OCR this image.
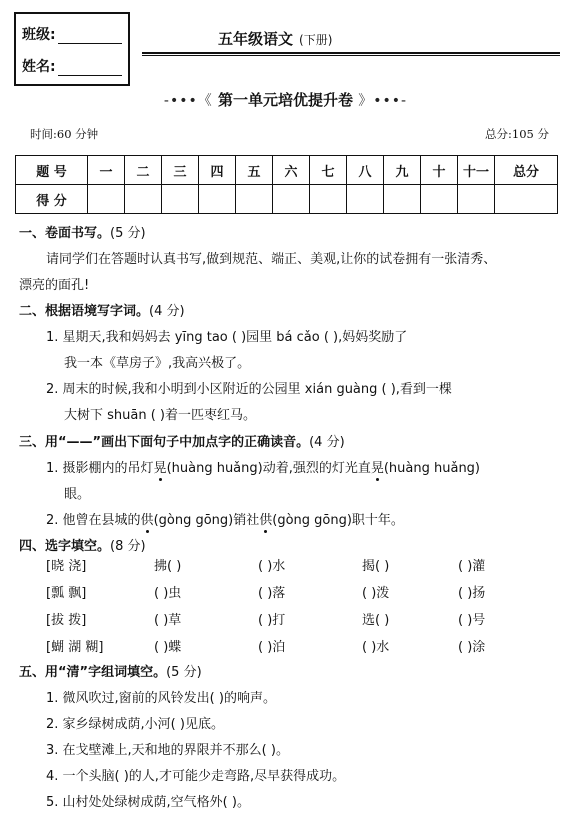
班级:
姓名:
五年级语文 (下册)
-•••《 第一单元培优提升卷 》•••-
时间:60 分钟	总分:105 分
题 号	一	二	三	四	五	六	七	八	九	十	十一	总分
得 分												
一、卷面书写。(5 分)
请同学们在答题时认真书写,做到规范、端正、美观,让你的试卷拥有一张清秀、
漂亮的面孔!
二、根据语境写字词。(4 分)
1. 星期天,我和妈妈去 yīng tao ( )园里 bá cǎo ( ),妈妈奖励了
我一本《草房子》,我高兴极了。
2. 周末的时候,我和小明到小区附近的公园里 xián guàng ( ),看到一棵
大树下 shuān ( )着一匹枣红马。
三、用“——”画出下面句子中加点字的正确读音。(4 分)
1. 摄影棚内的吊灯晃(huàng huǎng)动着,强烈的灯光直晃(huàng huǎng)
眼。
2. 他曾在县城的供(gòng gōng)销社供(gòng gōng)职十年。
四、选字填空。(8 分)
[晓 浇]	拂( )	( )水	揭( )	( )灌
[瓢 飘]	( )虫	( )落	( )泼	( )扬
[拔 拨]	( )草	( )打	选( )	( )号
[蝴 湖 糊]	( )蝶	( )泊	( )水	( )涂
五、用“清”字组词填空。(5 分)
1. 微风吹过,窗前的风铃发出( )的响声。
2. 家乡绿树成荫,小河( )见底。
3. 在戈壁滩上,天和地的界限并不那么( )。
4. 一个头脑( )的人,才可能少走弯路,尽早获得成功。
5. 山村处处绿树成荫,空气格外( )。
